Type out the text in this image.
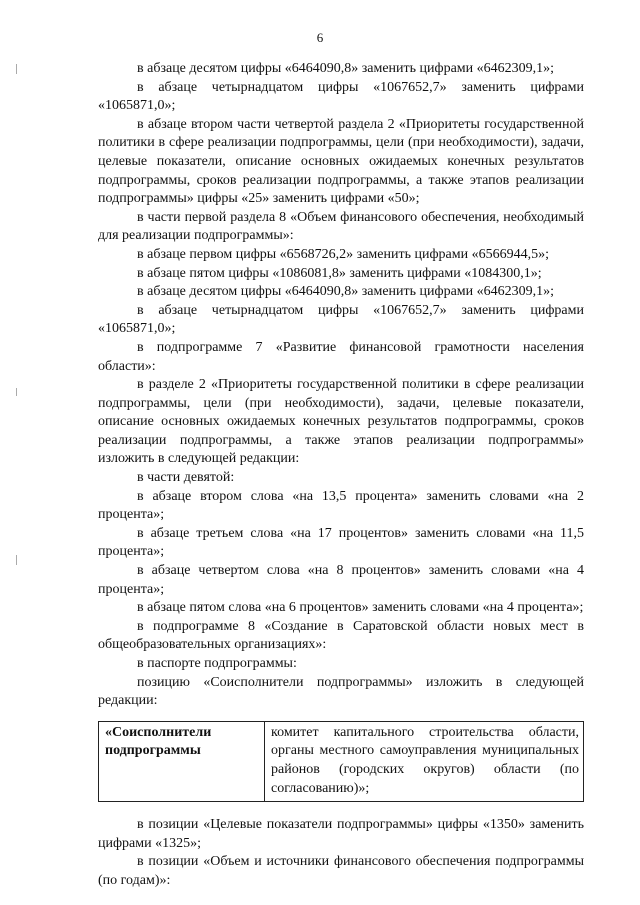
6

в абзаце десятом цифры «6464090,8» заменить цифрами «6462309,1»;

в абзаце четырнадцатом цифры «1067652,7» заменить цифрами «1065871,0»;

в абзаце втором части четвертой раздела 2 «Приоритеты государственной политики в сфере реализации подпрограммы, цели (при необходимости), задачи, целевые показатели, описание основных ожидаемых конечных результатов подпрограммы, сроков реализации подпрограммы, а также этапов реализации подпрограммы» цифры «25» заменить цифрами «50»;

в части первой раздела 8 «Объем финансового обеспечения, необходимый для реализации подпрограммы»:

в абзаце первом цифры «6568726,2» заменить цифрами «6566944,5»;

в абзаце пятом цифры «1086081,8» заменить цифрами «1084300,1»;

в абзаце десятом цифры «6464090,8» заменить цифрами «6462309,1»;

в абзаце четырнадцатом цифры «1067652,7» заменить цифрами «1065871,0»;

в подпрограмме 7 «Развитие финансовой грамотности населения области»:

в разделе 2 «Приоритеты государственной политики в сфере реализации подпрограммы, цели (при необходимости), задачи, целевые показатели, описание основных ожидаемых конечных результатов подпрограммы, сроков реализации подпрограммы, а также этапов реализации подпрограммы» изложить в следующей редакции:

в части девятой:

в абзаце втором слова «на 13,5 процента» заменить словами «на 2 процента»;

в абзаце третьем слова «на 17 процентов» заменить словами «на 11,5 процента»;

в абзаце четвертом слова «на 8 процентов» заменить словами «на 4 процента»;

в абзаце пятом слова «на 6 процентов» заменить словами «на 4 процента»;

в подпрограмме 8 «Создание в Саратовской области новых мест в общеобразовательных организациях»:

в паспорте подпрограммы:

позицию «Соисполнители подпрограммы» изложить в следующей редакции:

«Соисполнители подпрограммы	комитет капитального строительства области, органы местного самоуправления муниципальных районов (городских округов) области (по согласованию)»;

в позиции «Целевые показатели подпрограммы» цифры «1350» заменить цифрами «1325»;

в позиции «Объем и источники финансового обеспечения подпрограммы (по годам)»:
